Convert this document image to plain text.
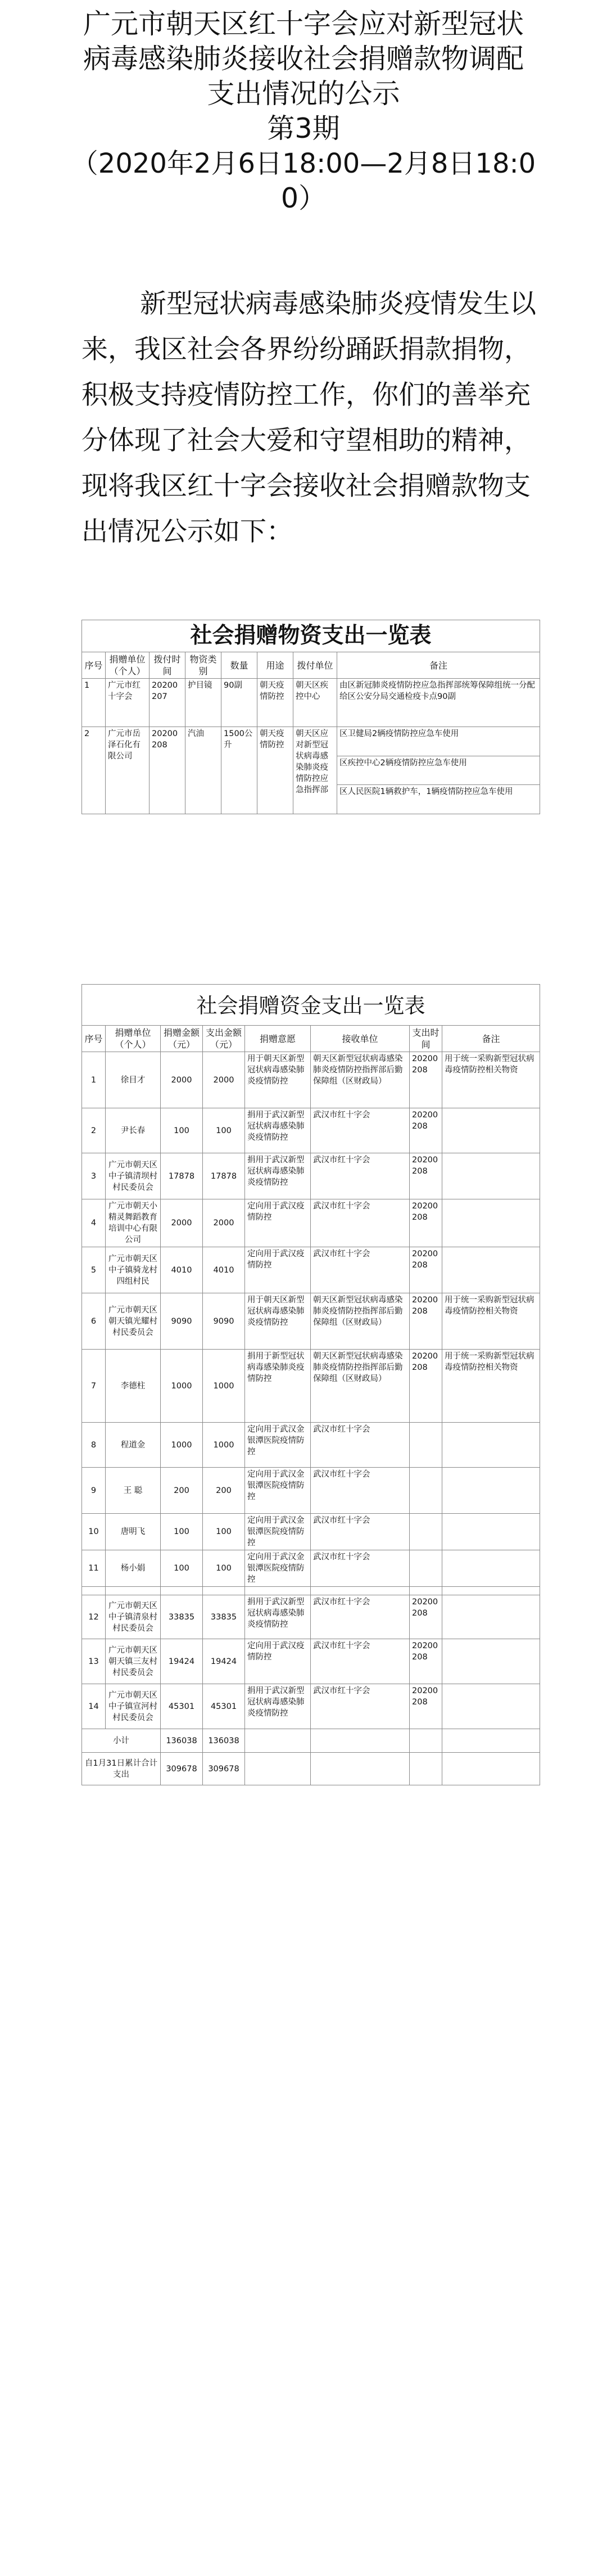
广元市朝天区红十字会应对新型冠状
病毒感染肺炎接收社会捐赠款物调配
支出情况的公示
第3期
（2020年2月6日18:00—2月8日18:0
0）
新型冠状病毒感染肺炎疫情发生以来，我区社会各界纷纷踊跃捐款捐物，积极支持疫情防控工作，你们的善举充分体现了社会大爱和守望相助的精神，现将我区红十字会接收社会捐赠款物支出情况公示如下：
社会捐赠物资支出一览表							
序号	捐赠单位（个人）	拨付时间	物资类别	数量	用途	拨付单位	备注
1	广元市红十字会	20200207	护目镜	90副	朝天疫情防控	朝天区疾控中心	由区新冠肺炎疫情防控应急指挥部统筹保障组统一分配给区公安分局交通检疫卡点90副
2	广元市岳泽石化有限公司	20200208	汽油	1500公升	朝天疫情防控	朝天区应对新型冠状病毒感染肺炎疫情防控应急指挥部	区卫健局2辆疫情防控应急车使用
							区疾控中心2辆疫情防控应急车使用
							区人民医院1辆救护车，1辆疫情防控应急车使用
社会捐赠资金支出一览表							
序号	捐赠单位（个人）	捐赠金额（元）	支出金额（元）	捐赠意愿	接收单位	支出时间	备注
1	徐目才	2000	2000	用于朝天区新型冠状病毒感染肺炎疫情防控	朝天区新型冠状病毒感染肺炎疫情防控指挥部后勤保障组（区财政局）	20200208	用于统一采购新型冠状病毒疫情防控相关物资
2	尹长春	100	100	捐用于武汉新型冠状病毒感染肺炎疫情防控	武汉市红十字会	20200208	
3	广元市朝天区中子镇清坝村村民委员会	17878	17878	捐用于武汉新型冠状病毒感染肺炎疫情防控	武汉市红十字会	20200208	
4	广元市朝天小精灵舞蹈教育培训中心有限公司	2000	2000	定向用于武汉疫情防控	武汉市红十字会	20200208	
5	广元市朝天区中子镇骑龙村四组村民	4010	4010	定向用于武汉疫情防控	武汉市红十字会	20200208	
6	广元市朝天区朝天镇光耀村村民委员会	9090	9090	用于朝天区新型冠状病毒感染肺炎疫情防控	朝天区新型冠状病毒感染肺炎疫情防控指挥部后勤保障组（区财政局）	20200208	用于统一采购新型冠状病毒疫情防控相关物资
7	李德柱	1000	1000	捐用于新型冠状病毒感染肺炎疫情防控	朝天区新型冠状病毒感染肺炎疫情防控指挥部后勤保障组（区财政局）	20200208	用于统一采购新型冠状病毒疫情防控相关物资
8	程道金	1000	1000	定向用于武汉金银潭医院疫情防控	武汉市红十字会		
9	王 聪	200	200	定向用于武汉金银潭医院疫情防控	武汉市红十字会		
10	唐明飞	100	100	定向用于武汉金银潭医院疫情防控	武汉市红十字会		
11	杨小娟	100	100	定向用于武汉金银潭医院疫情防控	武汉市红十字会		

12	广元市朝天区中子镇清泉村村民委员会	33835	33835	捐用于武汉新型冠状病毒感染肺炎疫情防控	武汉市红十字会	20200208	
13	广元市朝天区朝天镇三友村村民委员会	19424	19424	定向用于武汉疫情防控	武汉市红十字会	20200208	
14	广元市朝天区中子镇宣河村村民委员会	45301	45301	捐用于武汉新型冠状病毒感染肺炎疫情防控	武汉市红十字会	20200208	
小计		136038	136038				
自1月31日累计合计支出		309678	309678				
